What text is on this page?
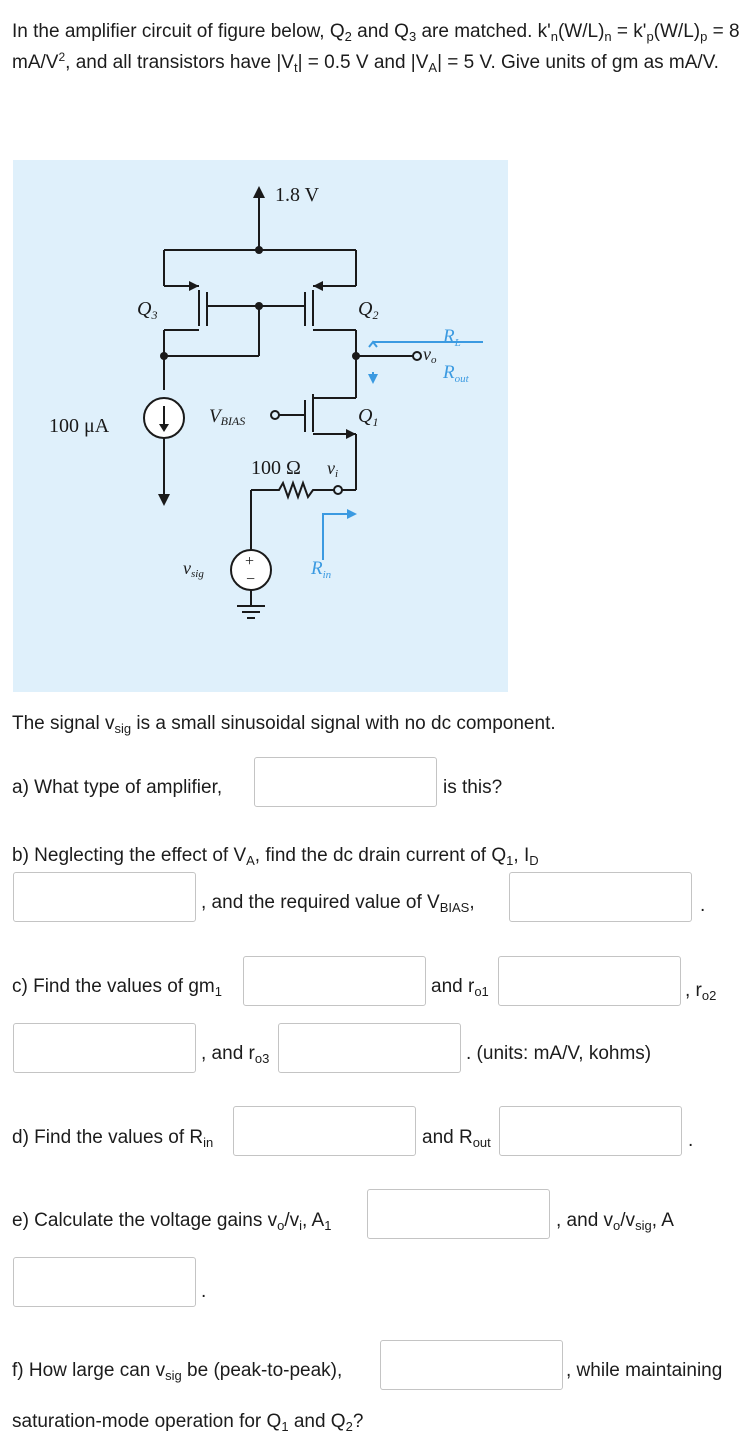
In the amplifier circuit of figure below, $Q_2$ and $Q_3$ are matched. $k'_n(W/L)_n = k'_p(W/L)_p = 8$ $mA/V^2$, and all transistors have $|V_t| = 0.5$ V and $|V_A| = 5$ V. Give units of gm as mA/V.
1.8 V
$Q_3$	$Q_2$
$Q_1$
vo
100 μA	VBIAS
100 Ω vi
vsig
+
−
$R_L$
$R_{out}$
$R_{in}$
The signal $v_{sig}$ is a small sinusoidal signal with no dc component.
a) What type of amplifier,	is this?
b) Neglecting the effect of $V_A$, find the dc drain current of $Q_1$, $I_D$
, and the required value of $V_{BIAS}$,	.
c) Find the values of $gm_1$	and $r_{o1}$	, $r_{o2}$
, and $r_{o3}$	. (units: mA/V, kohms)
d) Find the values of $R_{in}$	and $R_{out}$	.
e) Calculate the voltage gains $v_o/v_i$, $A_1$	, and $v_o/v_{sig}$, A
.
f) How large can $v_{sig}$ be (peak-to-peak),	, while maintaining
saturation-mode operation for $Q_1$ and $Q_2$?
